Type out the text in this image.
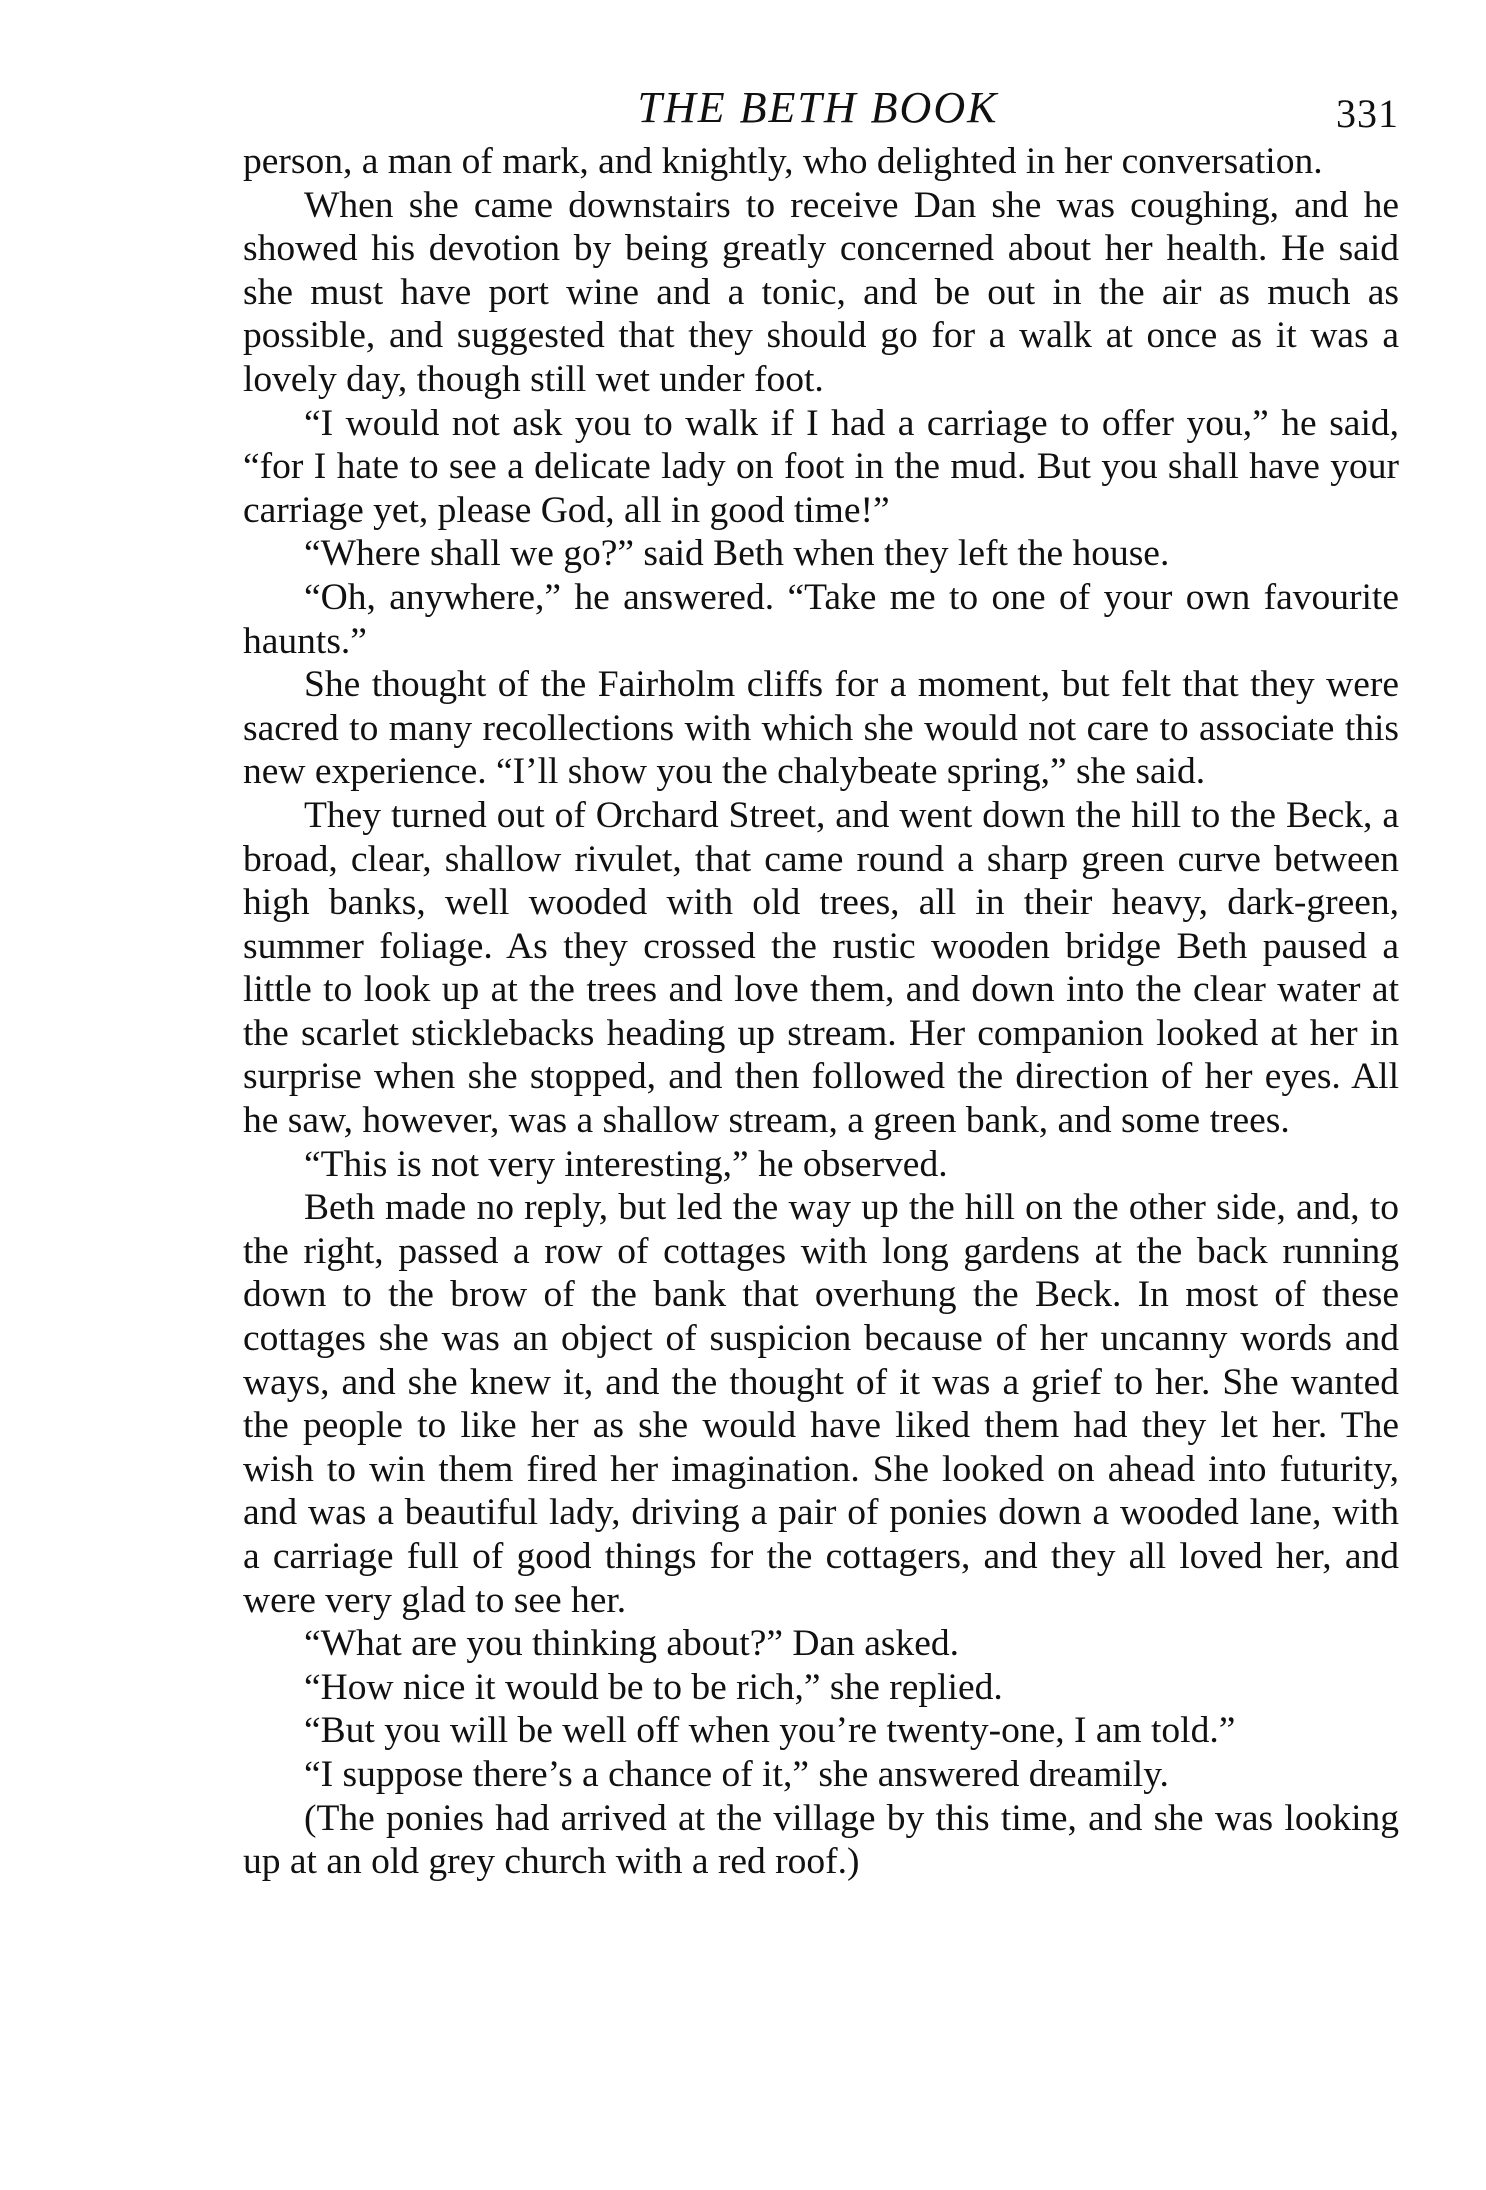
THE BETH BOOK	331

person, a man of mark, and knightly, who delighted in her conversation.

When she came downstairs to receive Dan she was coughing, and he showed his devotion by being greatly concerned about her health. He said she must have port wine and a tonic, and be out in the air as much as possible, and suggested that they should go for a walk at once as it was a lovely day, though still wet under foot.

“I would not ask you to walk if I had a carriage to offer you,” he said, “for I hate to see a delicate lady on foot in the mud. But you shall have your carriage yet, please God, all in good time!”

“Where shall we go?” said Beth when they left the house.

“Oh, anywhere,” he answered. “Take me to one of your own favourite haunts.”

She thought of the Fairholm cliffs for a moment, but felt that they were sacred to many recollections with which she would not care to associate this new experience. “I’ll show you the chalybeate spring,” she said.

They turned out of Orchard Street, and went down the hill to the Beck, a broad, clear, shallow rivulet, that came round a sharp green curve between high banks, well wooded with old trees, all in their heavy, dark-green, summer foliage. As they crossed the rustic wooden bridge Beth paused a little to look up at the trees and love them, and down into the clear water at the scarlet sticklebacks heading up stream. Her companion looked at her in surprise when she stopped, and then followed the direction of her eyes. All he saw, however, was a shallow stream, a green bank, and some trees.

“This is not very interesting,” he observed.

Beth made no reply, but led the way up the hill on the other side, and, to the right, passed a row of cottages with long gardens at the back running down to the brow of the bank that overhung the Beck. In most of these cottages she was an object of suspicion because of her uncanny words and ways, and she knew it, and the thought of it was a grief to her. She wanted the people to like her as she would have liked them had they let her. The wish to win them fired her imagination. She looked on ahead into futurity, and was a beautiful lady, driving a pair of ponies down a wooded lane, with a carriage full of good things for the cottagers, and they all loved her, and were very glad to see her.

“What are you thinking about?” Dan asked.

“How nice it would be to be rich,” she replied.

“But you will be well off when you’re twenty-one, I am told.”

“I suppose there’s a chance of it,” she answered dreamily.

(The ponies had arrived at the village by this time, and she was looking up at an old grey church with a red roof.)
